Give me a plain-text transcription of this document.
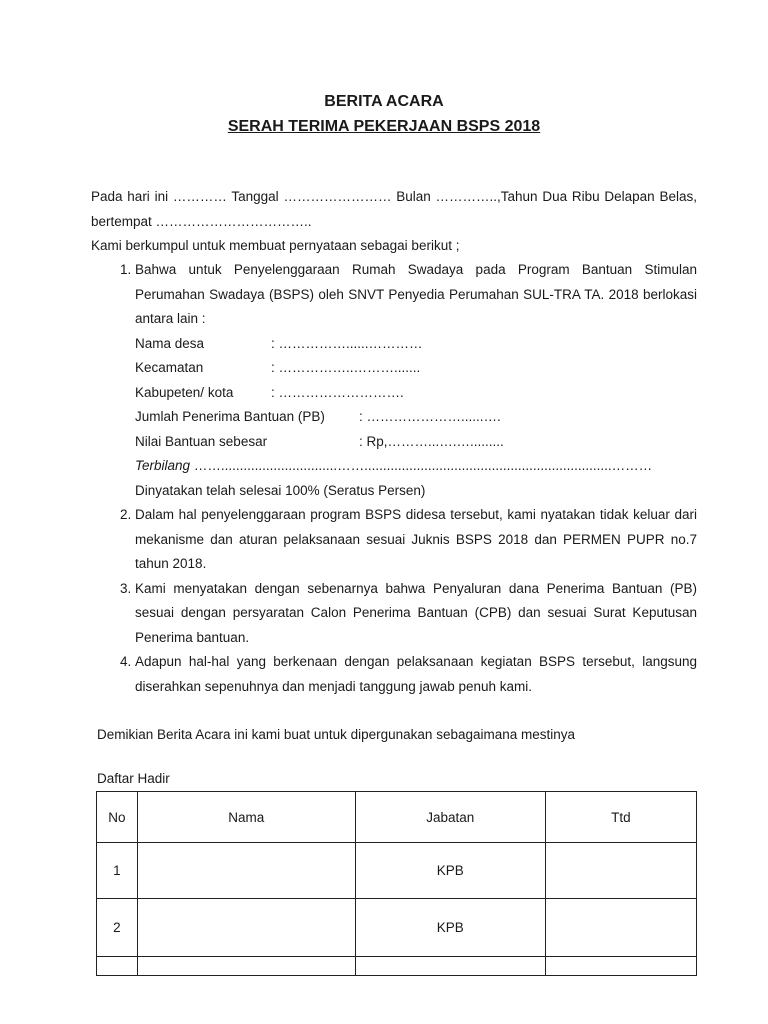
BERITA ACARA
SERAH TERIMA PEKERJAAN BSPS 2018
Pada hari ini ………… Tanggal …………………… Bulan …………..,Tahun Dua Ribu Delapan Belas, bertempat ……………………………..
Kami berkumpul untuk membuat pernyataan sebagai berikut ;
1. Bahwa untuk Penyelenggaraan Rumah Swadaya pada Program Bantuan Stimulan Perumahan Swadaya (BSPS) oleh SNVT Penyedia Perumahan SUL-TRA TA. 2018 berlokasi antara lain :
Nama desa	: ……………......…………
Kecamatan	: ……………..……….......
Kabupeten/ kota	: ……………………….
Jumlah Penerima Bantuan (PB)	: …………………......….
Nilai Bantuan sebesar	: Rp,………...….….........
Terbilang
……...............................……..................................................................………
Dinyatakan telah selesai 100% (Seratus Persen)
2. Dalam hal penyelenggaraan program BSPS didesa tersebut, kami nyatakan tidak keluar dari mekanisme dan aturan pelaksanaan sesuai Juknis BSPS 2018 dan PERMEN PUPR no.7 tahun 2018.
3. Kami menyatakan dengan sebenarnya bahwa Penyaluran dana Penerima Bantuan (PB) sesuai dengan persyaratan Calon Penerima Bantuan (CPB) dan sesuai Surat Keputusan Penerima bantuan.
4. Adapun hal-hal yang berkenaan dengan pelaksanaan kegiatan BSPS tersebut, langsung diserahkan sepenuhnya dan menjadi tanggung jawab penuh kami.
Demikian Berita Acara ini kami buat untuk dipergunakan sebagaimana mestinya
Daftar Hadir
No	Nama	Jabatan	Ttd
1		KPB	
2		KPB	
